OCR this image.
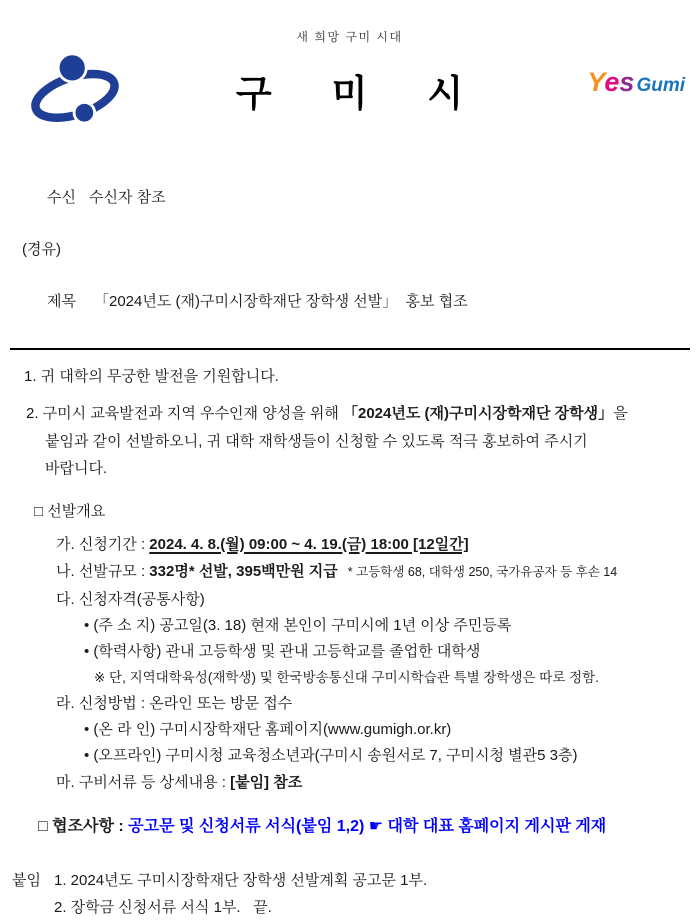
새 희망 구미 시대
구 미 시	Yes Gumi

수신 수신자 참조

(경유)

제목 「2024년도 (재)구미시장학재단 장학생 선발」  홍보 협조

1. 귀 대학의 무궁한 발전을 기원합니다.
2. 구미시 교육발전과 지역 우수인재 양성을 위해 「2024년도 (재)구미시장학재단 장학생」을
붙임과 같이 선발하오니, 귀 대학 재학생들이 신청할 수 있도록 적극 홍보하여 주시기
바랍니다.
□ 선발개요
가. 신청기간 : 2024. 4. 8.(월) 09:00 ~ 4. 19.(금) 18:00 [12일간]
나. 선발규모 : 332명* 선발, 395백만원 지급 * 고등학생 68, 대학생 250, 국가유공자 등 후손 14
다. 신청자격(공통사항)
• (주 소 지) 공고일(3. 18) 현재 본인이 구미시에 1년 이상 주민등록
• (학력사항) 관내 고등학생 및 관내 고등학교를 졸업한 대학생
※ 단, 지역대학육성(재학생) 및 한국방송통신대 구미시학습관 특별 장학생은 따로 정함.
라. 신청방법 : 온라인 또는 방문 접수
• (온 라 인) 구미시장학재단 홈페이지(www.gumigh.or.kr)
• (오프라인) 구미시청 교육청소년과(구미시 송원서로 7, 구미시청 별관5 3층)
마. 구비서류 등 상세내용 : [붙임] 참조
□ 협조사항 : 공고문 및 신청서류 서식(붙임 1,2) ☛ 대학 대표 홈페이지 게시판 게재
붙임 1. 2024년도 구미시장학재단 장학생 선발계획 공고문 1부.
2. 장학금 신청서류 서식 1부.   끝.
